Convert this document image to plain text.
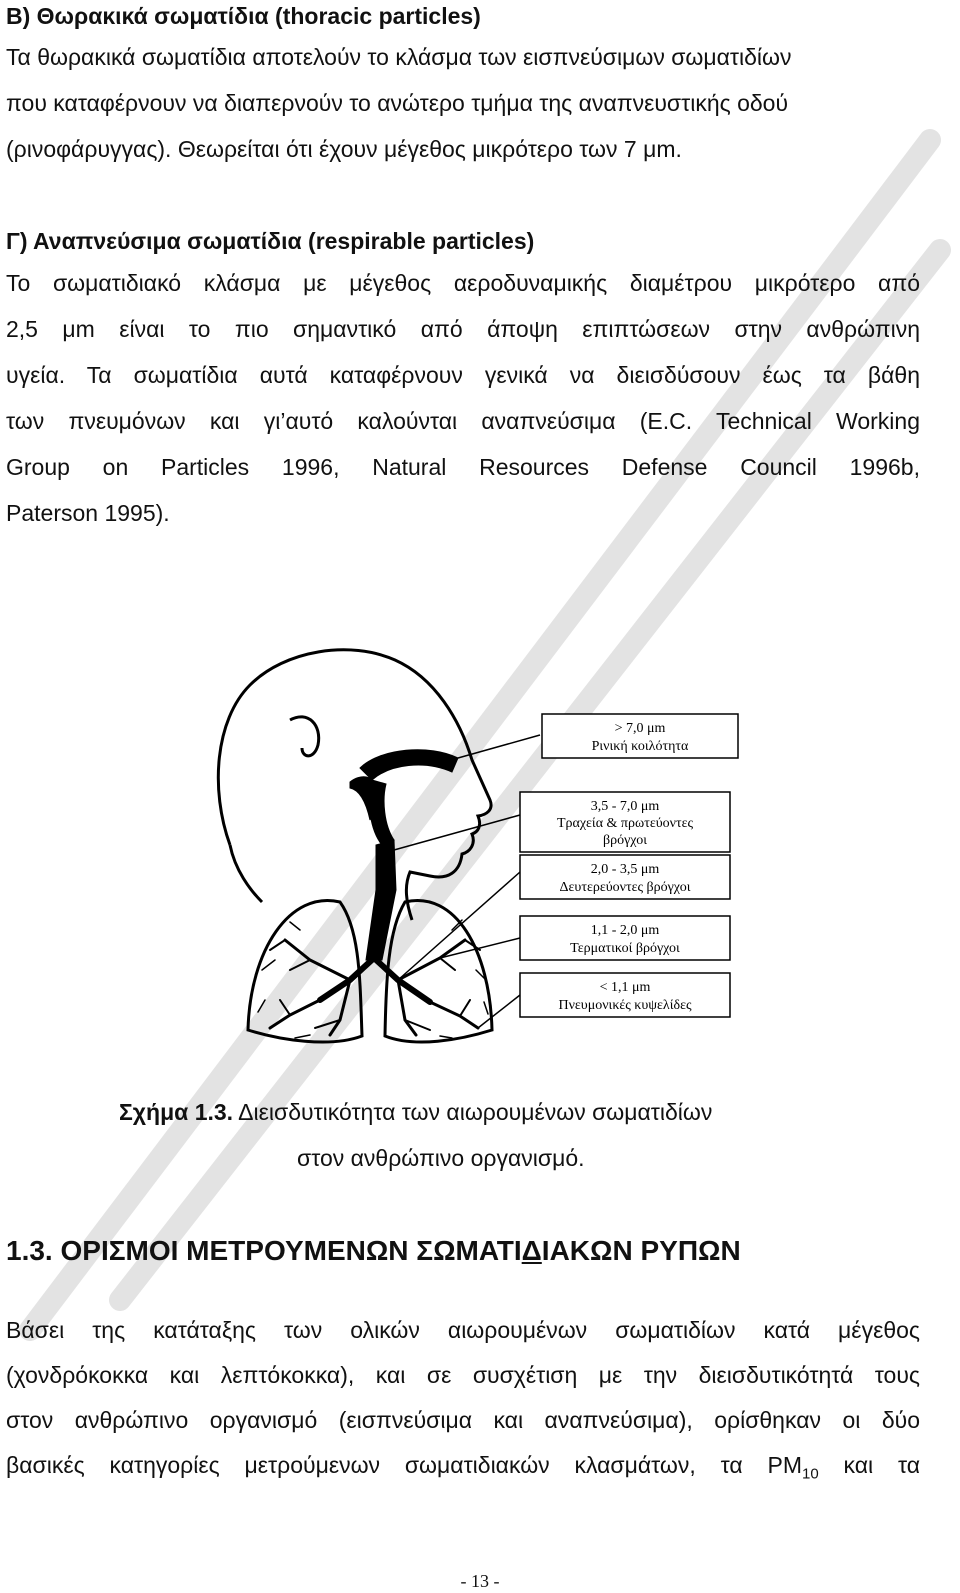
Β) Θωρακικά σωματίδια (thoracic particles)
Τα θωρακικά σωματίδια αποτελούν το κλάσμα των εισπνεύσιμων σωματιδίων
που καταφέρνουν να διαπερνούν το ανώτερο τμήμα της αναπνευστικής οδού
(ρινοφάρυγγας). Θεωρείται ότι έχουν μέγεθος μικρότερο των 7 μm.
Γ) Αναπνεύσιμα σωματίδια (respirable particles)
Το σωματιδιακό κλάσμα με μέγεθος αεροδυναμικής διαμέτρου μικρότερο από
2,5 μm είναι το πιο σημαντικό από άποψη επιπτώσεων στην ανθρώπινη
υγεία. Τα σωματίδια αυτά καταφέρνουν γενικά να διεισδύσουν έως τα βάθη
των πνευμόνων και γι’αυτό καλούνται αναπνεύσιμα (E.C. Technical Working
Group on Particles 1996, Natural Resources Defense Council 1996b,
Paterson 1995).
> 7,0 μm
Ρινική κοιλότητα
3,5 - 7,0 μm
Τραχεία & πρωτεύοντες
βρόγχοι
2,0 - 3,5 μm
Δευτερεύοντες βρόγχοι
1,1 - 2,0 μm
Τερματικοί βρόγχοι
< 1,1 μm
Πνευμονικές κυψελίδες
Σχήμα 1.3. Διεισδυτικότητα των αιωρουμένων σωματιδίων
στον ανθρώπινο οργανισμό.
1.3. ΟΡΙΣΜΟΙ ΜΕΤΡΟΥΜΕΝΩΝ ΣΩΜΑΤΙΔΙΑΚΩΝ ΡΥΠΩΝ
Βάσει της κατάταξης των ολικών αιωρουμένων σωματιδίων κατά μέγεθος
(χονδρόκοκκα και λεπτόκοκκα), και σε συσχέτιση με την διεισδυτικότητά τους
στον ανθρώπινο οργανισμό (εισπνεύσιμα και αναπνεύσιμα), ορίσθηκαν οι δύο
βασικές κατηγορίες μετρούμενων σωματιδιακών κλασμάτων, τα $PM_{10}$ και τα
- 13 -
